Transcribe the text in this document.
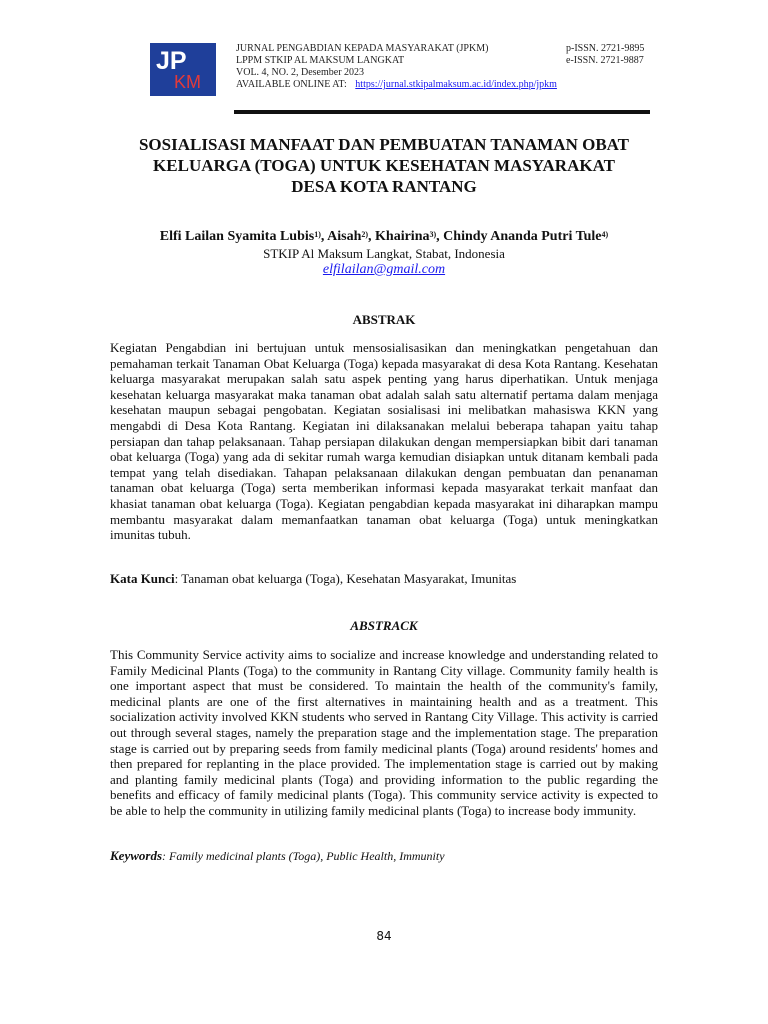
JP
KM
JURNAL PENGABDIAN KEPADA MASYARAKAT (JPKM)	p-ISSN. 2721-9895
LPPM STKIP AL MAKSUM LANGKAT	e-ISSN. 2721-9887
VOL. 4, NO. 2, Desember 2023
AVAILABLE ONLINE AT: https://jurnal.stkipalmaksum.ac.id/index.php/jpkm
SOSIALISASI MANFAAT DAN PEMBUATAN TANAMAN OBAT
KELUARGA (TOGA) UNTUK KESEHATAN MASYARAKAT
DESA KOTA RANTANG
Elfi Lailan Syamita Lubis$^{1)}$, Aisah$^{2)}$, Khairina$^{3)}$, Chindy Ananda Putri Tule$^{4)}$
STKIP Al Maksum Langkat, Stabat, Indonesia
elfilailan@gmail.com
ABSTRAK
Kegiatan Pengabdian ini bertujuan untuk mensosialisasikan dan meningkatkan pengetahuan dan pemahaman terkait Tanaman Obat Keluarga (Toga) kepada masyarakat di desa Kota Rantang. Kesehatan keluarga masyarakat merupakan salah satu aspek penting yang harus diperhatikan. Untuk menjaga kesehatan keluarga masyarakat maka tanaman obat adalah salah satu alternatif pertama dalam menjaga kesehatan maupun sebagai pengobatan. Kegiatan sosialisasi ini melibatkan mahasiswa KKN yang mengabdi di Desa Kota Rantang. Kegiatan ini dilaksanakan melalui beberapa tahapan yaitu tahap persiapan dan tahap pelaksanaan. Tahap persiapan dilakukan dengan mempersiapkan bibit dari tanaman obat keluarga (Toga) yang ada di sekitar rumah warga kemudian disiapkan untuk ditanam kembali pada tempat yang telah disediakan. Tahapan pelaksanaan dilakukan dengan pembuatan dan penanaman tanaman obat keluarga (Toga) serta memberikan informasi kepada masyarakat terkait manfaat dan khasiat tanaman obat keluarga (Toga). Kegiatan pengabdian kepada masyarakat ini diharapkan mampu membantu masyarakat dalam memanfaatkan tanaman obat keluarga (Toga) untuk meningkatkan imunitas tubuh.
Kata Kunci: Tanaman obat keluarga (Toga), Kesehatan Masyarakat, Imunitas
ABSTRACK
This Community Service activity aims to socialize and increase knowledge and understanding related to Family Medicinal Plants (Toga) to the community in Rantang City village. Community family health is one important aspect that must be considered. To maintain the health of the community's family, medicinal plants are one of the first alternatives in maintaining health and as a treatment. This socialization activity involved KKN students who served in Rantang City Village. This activity is carried out through several stages, namely the preparation stage and the implementation stage. The preparation stage is carried out by preparing seeds from family medicinal plants (Toga) around residents' homes and then prepared for replanting in the place provided. The implementation stage is carried out by making and planting family medicinal plants (Toga) and providing information to the public regarding the benefits and efficacy of family medicinal plants (Toga). This community service activity is expected to be able to help the community in utilizing family medicinal plants (Toga) to increase body immunity.
Keywords: Family medicinal plants (Toga), Public Health, Immunity
84
